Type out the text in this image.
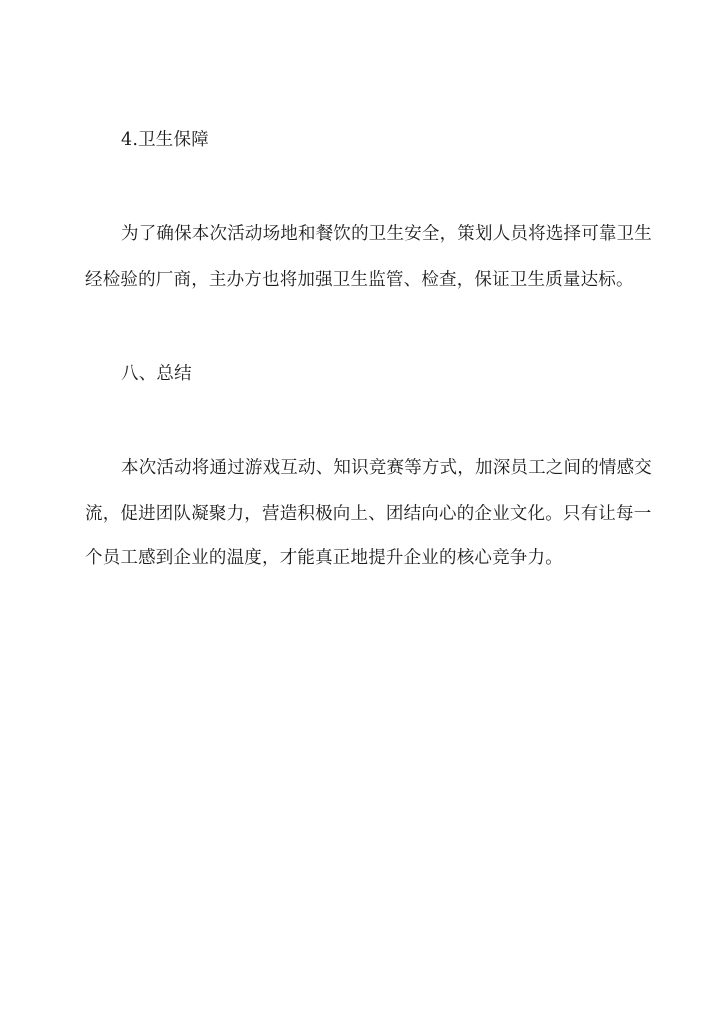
4.卫生保障
为了确保本次活动场地和餐饮的卫生安全，策划人员将选择可靠卫生
经检验的厂商，主办方也将加强卫生监管、检查，保证卫生质量达标。
八、总结
本次活动将通过游戏互动、知识竞赛等方式，加深员工之间的情感交
流，促进团队凝聚力，营造积极向上、团结向心的企业文化。只有让每一
个员工感到企业的温度，才能真正地提升企业的核心竞争力。
